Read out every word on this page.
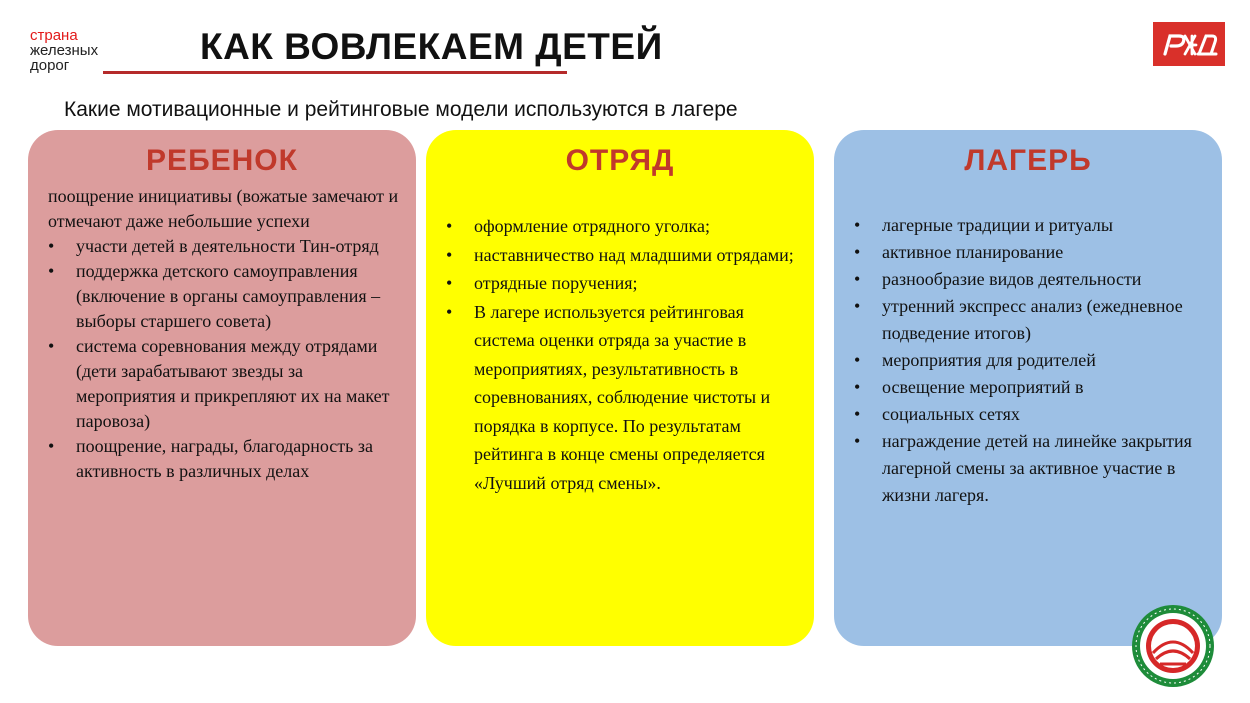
страна
железных
дорог	КАК ВОВЛЕКАЕМ ДЕТЕЙ
Какие мотивационные и рейтинговые модели используются в лагере
РЕБЕНОК

поощрение инициативы (вожатые замечают и отмечают даже небольшие успехи

• участи детей в деятельности Тин-отряд
• поддержка детского самоуправления (включение в органы самоуправления – выборы старшего совета)
• система соревнования между отрядами (дети зарабатывают звезды за мероприятия и прикрепляют их на макет паровоза)
• поощрение, награды, благодарность за активность в различных делах
ОТРЯД
• оформление отрядного уголка;
• наставничество над младшими отрядами;
• отрядные поручения;
• В лагере используется рейтинговая система оценки отряда за участие в мероприятиях, результативность в соревнованиях, соблюдение чистоты и порядка в корпусе. По результатам рейтинга в конце смены определяется «Лучший отряд смены».
ЛАГЕРЬ
• лагерные традиции и ритуалы
• активное планирование
• разнообразие видов деятельности
• утренний экспресс анализ (ежедневное подведение итогов)
• мероприятия для родителей
• освещение мероприятий в
• социальных сетях
• награждение детей на линейке закрытия лагерной смены за активное участие в жизни лагеря.
